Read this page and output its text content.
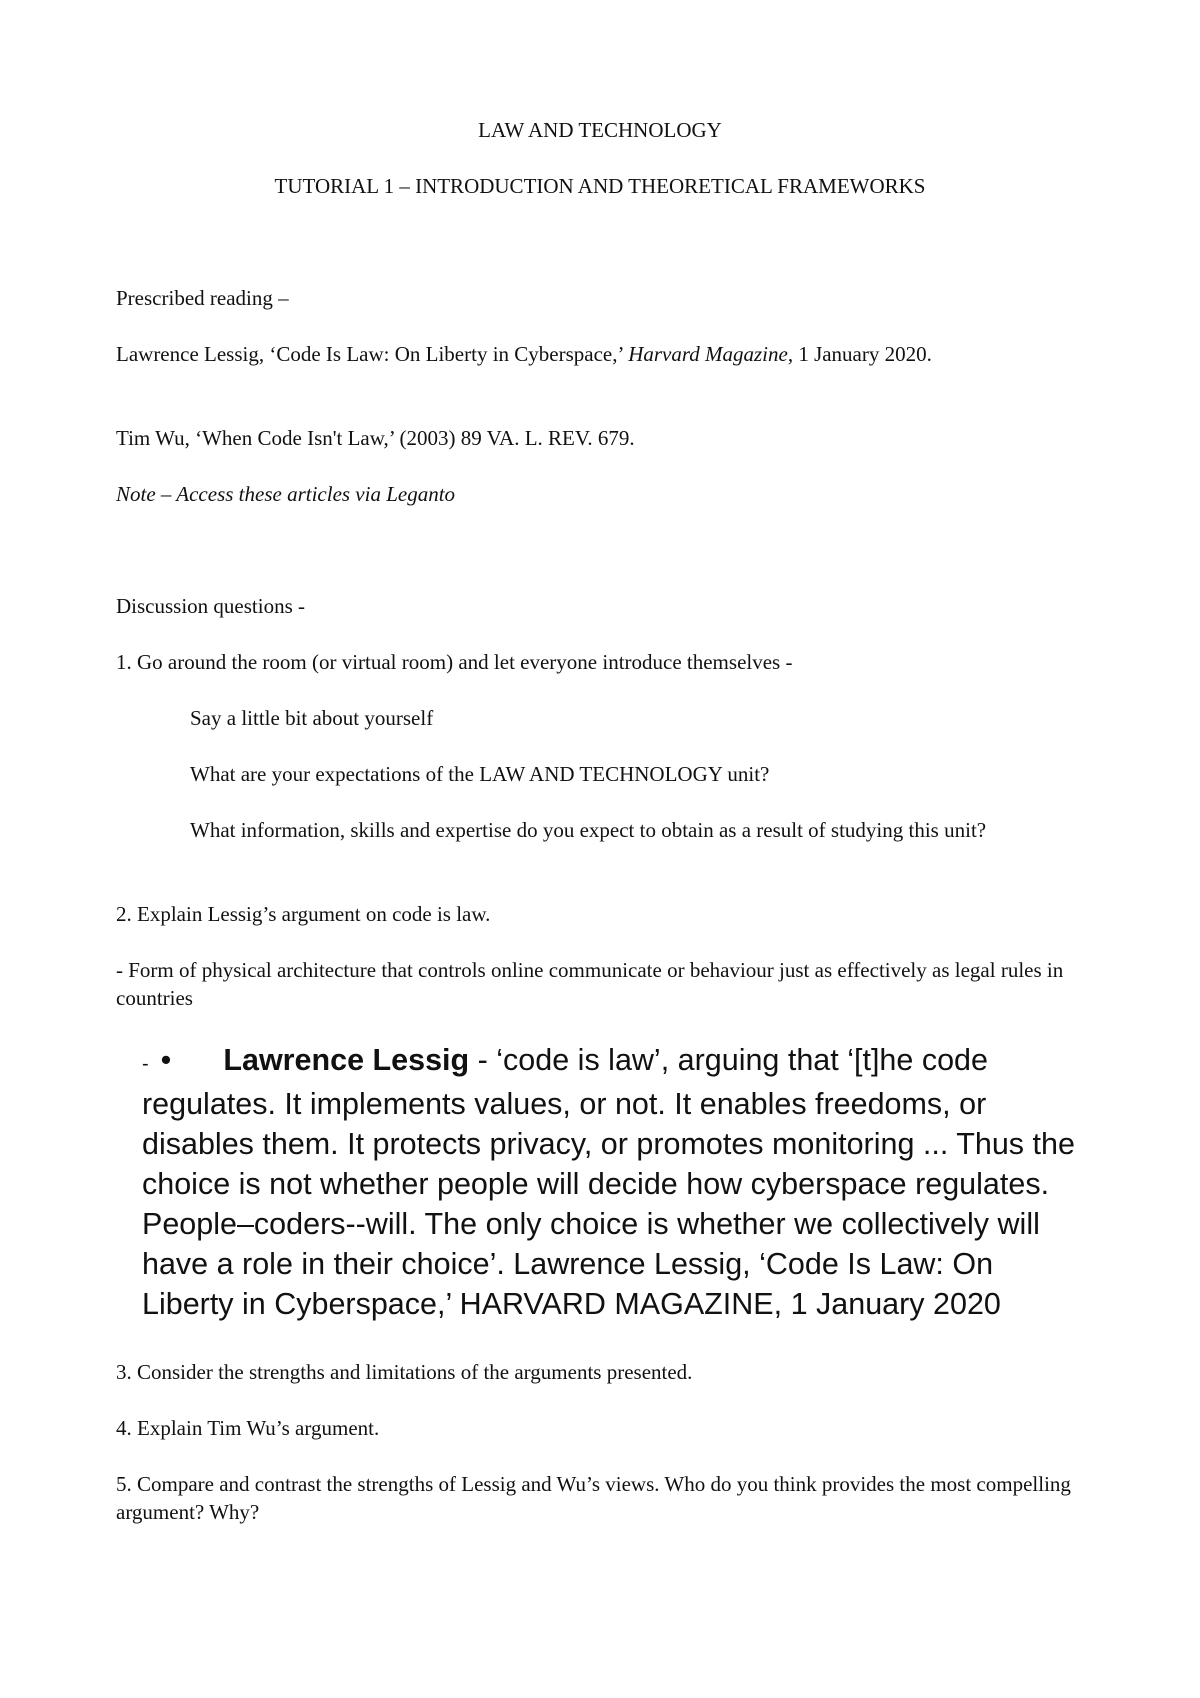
LAW AND TECHNOLOGY
TUTORIAL 1 – INTRODUCTION AND THEORETICAL FRAMEWORKS
Prescribed reading –
Lawrence Lessig, ‘Code Is Law: On Liberty in Cyberspace,’ Harvard Magazine, 1 January 2020.
Tim Wu, ‘When Code Isn't Law,’ (2003) 89 VA. L. REV. 679.
Note – Access these articles via Leganto
Discussion questions -
1. Go around the room (or virtual room) and let everyone introduce themselves -
Say a little bit about yourself
What are your expectations of the LAW AND TECHNOLOGY unit?
What information, skills and expertise do you expect to obtain as a result of studying this unit?
2. Explain Lessig’s argument on code is law.
- Form of physical architecture that controls online communicate or behaviour just as effectively as legal rules in countries
- • Lawrence Lessig - ‘code is law’, arguing that ‘[t]he code regulates. It implements values, or not. It enables freedoms, or disables them. It protects privacy, or promotes monitoring ... Thus the choice is not whether people will decide how cyberspace regulates. People–coders--will. The only choice is whether we collectively will have a role in their choice’. Lawrence Lessig, ‘Code Is Law: On Liberty in Cyberspace,’ HARVARD MAGAZINE, 1 January 2020
3. Consider the strengths and limitations of the arguments presented.
4. Explain Tim Wu’s argument.
5. Compare and contrast the strengths of Lessig and Wu’s views. Who do you think provides the most compelling argument? Why?
